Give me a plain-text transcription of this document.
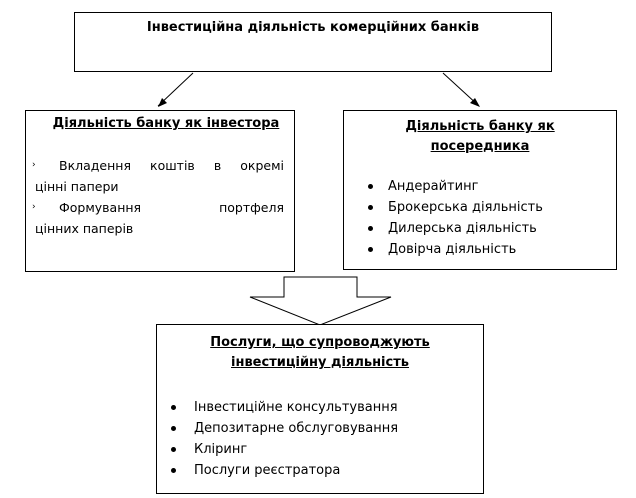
Інвестиційна діяльність комерційних банків
Діяльність банку як інвестора
› Вкладення коштів в окремі
цінні папери
› Формування портфеля
цінних паперів
Діяльність банку як
посередника
Андерайтинг
Брокерська діяльність
Дилерська діяльність
Довірча діяльність
Послуги, що супроводжують
інвестиційну діяльність
Інвестиційне консультування
Депозитарне обслуговування
Кліринг
Послуги реєстратора
